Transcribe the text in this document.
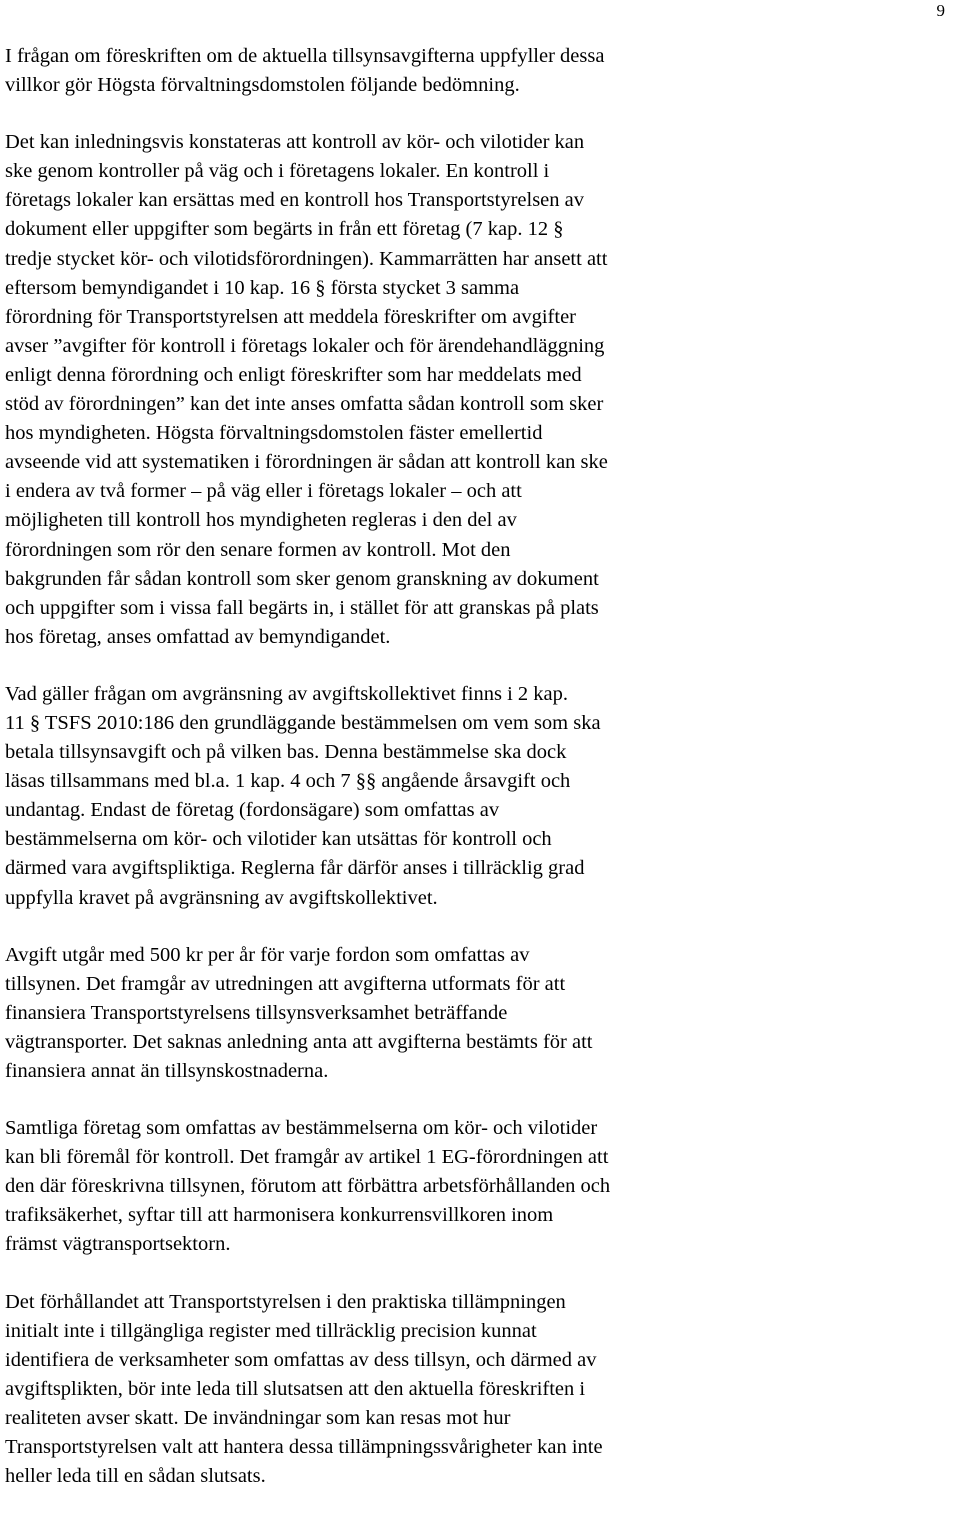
9

I frågan om föreskriften om de aktuella tillsynsavgifterna uppfyller dessa
villkor gör Högsta förvaltningsdomstolen följande bedömning.

Det kan inledningsvis konstateras att kontroll av kör- och vilotider kan
ske genom kontroller på väg och i företagens lokaler. En kontroll i
företags lokaler kan ersättas med en kontroll hos Transportstyrelsen av
dokument eller uppgifter som begärts in från ett företag (7 kap. 12 §
tredje stycket kör- och vilotidsförordningen). Kammarrätten har ansett att
eftersom bemyndigandet i 10 kap. 16 § första stycket 3 samma
förordning för Transportstyrelsen att meddela föreskrifter om avgifter
avser ”avgifter för kontroll i företags lokaler och för ärendehandläggning
enligt denna förordning och enligt föreskrifter som har meddelats med
stöd av förordningen” kan det inte anses omfatta sådan kontroll som sker
hos myndigheten. Högsta förvaltningsdomstolen fäster emellertid
avseende vid att systematiken i förordningen är sådan att kontroll kan ske
i endera av två former – på väg eller i företags lokaler – och att
möjligheten till kontroll hos myndigheten regleras i den del av
förordningen som rör den senare formen av kontroll. Mot den
bakgrunden får sådan kontroll som sker genom granskning av dokument
och uppgifter som i vissa fall begärts in, i stället för att granskas på plats
hos företag, anses omfattad av bemyndigandet.

Vad gäller frågan om avgränsning av avgiftskollektivet finns i 2 kap.
11 § TSFS 2010:186 den grundläggande bestämmelsen om vem som ska
betala tillsynsavgift och på vilken bas. Denna bestämmelse ska dock
läsas tillsammans med bl.a. 1 kap. 4 och 7 §§ angående årsavgift och
undantag. Endast de företag (fordonsägare) som omfattas av
bestämmelserna om kör- och vilotider kan utsättas för kontroll och
därmed vara avgiftspliktiga. Reglerna får därför anses i tillräcklig grad
uppfylla kravet på avgränsning av avgiftskollektivet.

Avgift utgår med 500 kr per år för varje fordon som omfattas av
tillsynen. Det framgår av utredningen att avgifterna utformats för att
finansiera Transportstyrelsens tillsynsverksamhet beträffande
vägtransporter. Det saknas anledning anta att avgifterna bestämts för att
finansiera annat än tillsynskostnaderna.

Samtliga företag som omfattas av bestämmelserna om kör- och vilotider
kan bli föremål för kontroll. Det framgår av artikel 1 EG-förordningen att
den där föreskrivna tillsynen, förutom att förbättra arbetsförhållanden och
trafiksäkerhet, syftar till att harmonisera konkurrensvillkoren inom
främst vägtransportsektorn.

Det förhållandet att Transportstyrelsen i den praktiska tillämpningen
initialt inte i tillgängliga register med tillräcklig precision kunnat
identifiera de verksamheter som omfattas av dess tillsyn, och därmed av
avgiftsplikten, bör inte leda till slutsatsen att den aktuella föreskriften i
realiteten avser skatt. De invändningar som kan resas mot hur
Transportstyrelsen valt att hantera dessa tillämpningssvårigheter kan inte
heller leda till en sådan slutsats.
